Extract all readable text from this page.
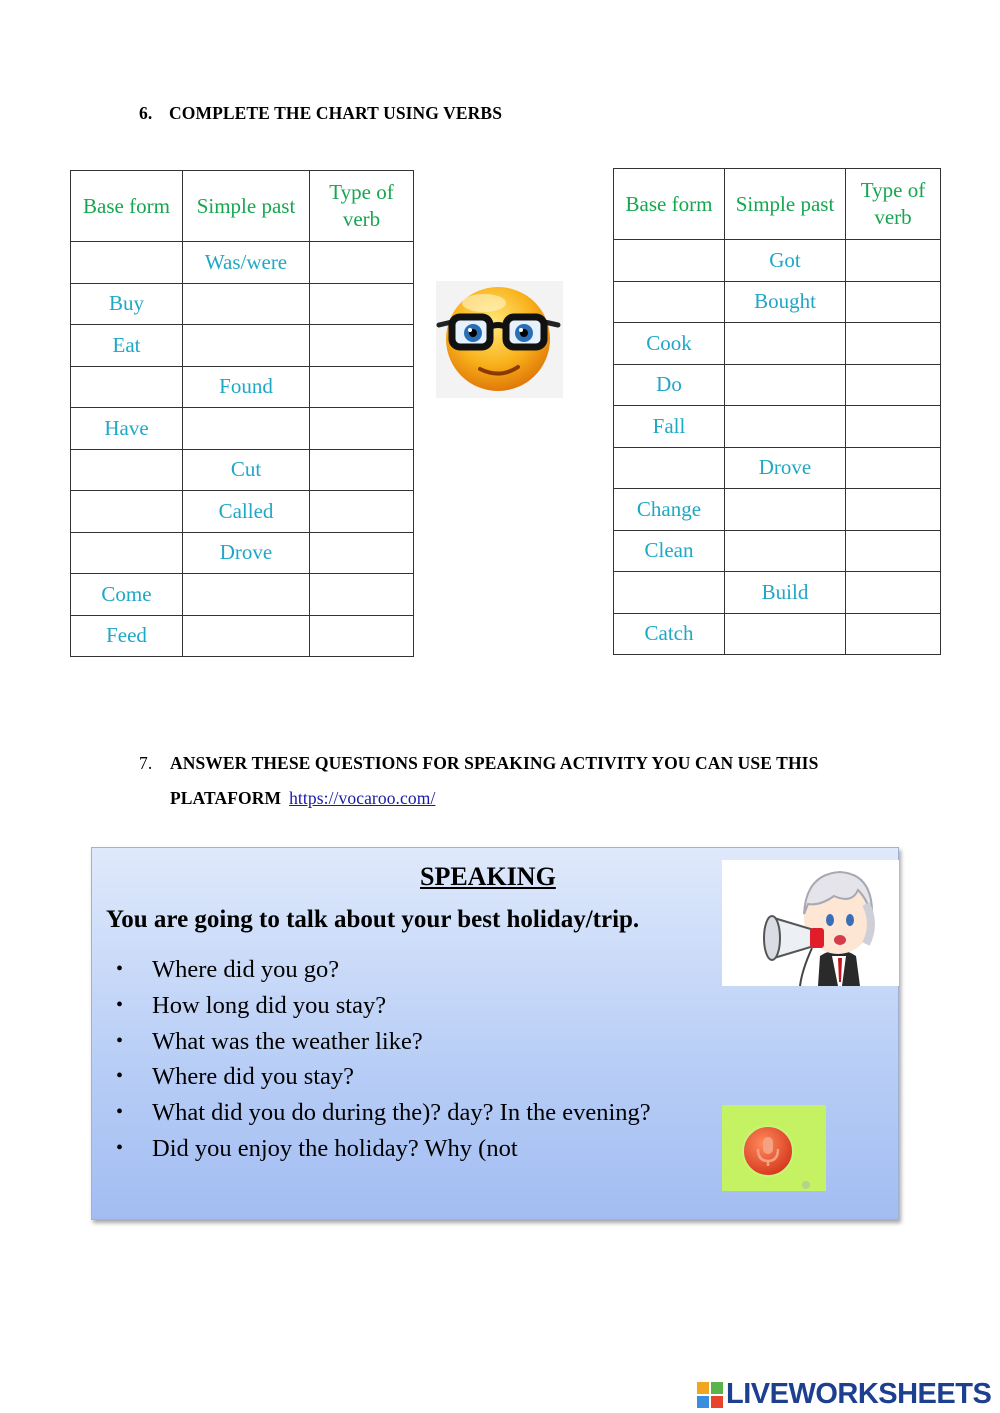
6. COMPLETE THE CHART USING VERBS
Base form	Simple past	Type of verb
	Was/were	
Buy		
Eat		
	Found	
Have		
	Cut	
	Called	
	Drove	
Come		
Feed		
Base form	Simple past	Type of verb
	Got	
	Bought	
Cook		
Do		
Fall		
	Drove	
Change		
Clean		
	Build	
Catch		
7. ANSWER THESE QUESTIONS FOR SPEAKING ACTIVITY YOU CAN USE THIS
PLATAFORM https://vocaroo.com/
SPEAKING
You are going to talk about your best holiday/trip.
• Where did you go?
• How long did you stay?
• What was the weather like?
• Where did you stay?
• What did you do during the)? day? In the evening?
• Did you enjoy the holiday? Why (not
LIVEWORKSHEETS
